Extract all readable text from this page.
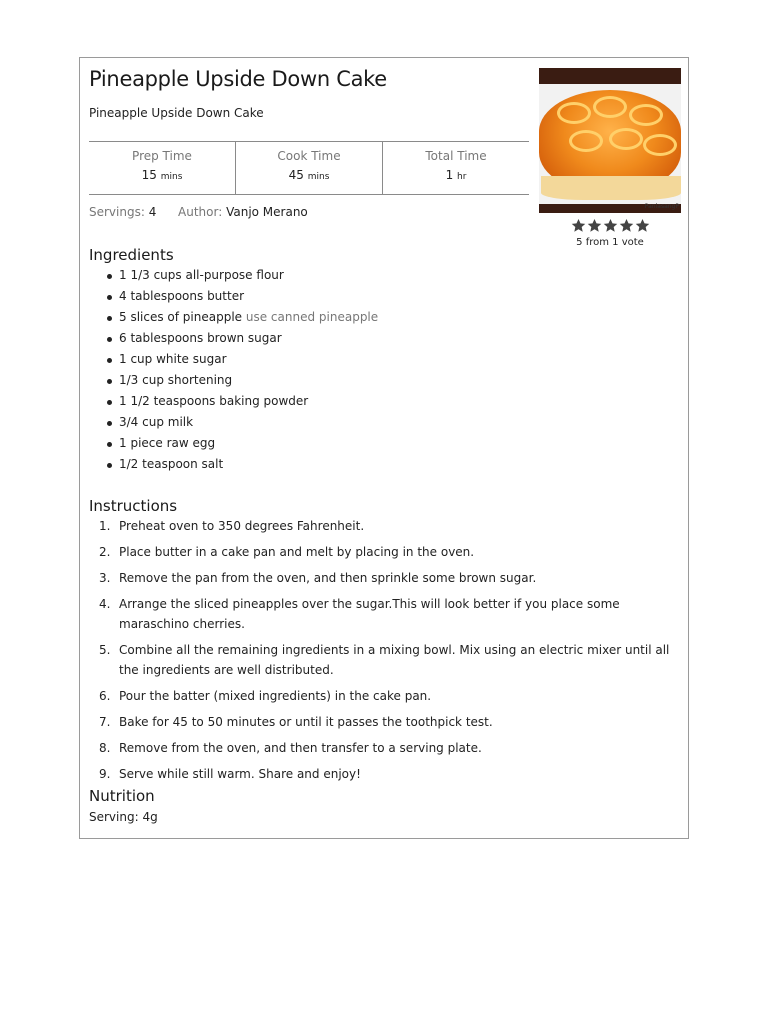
Pineapple Upside Down Cake
Pineapple Upside Down Cake
Prep Time
15 mins
Cook Time
45 mins
Total Time
1 hr
Servings: 4 Author: Vanjo Merano	PanlasangP
5 from 1 vote
Ingredients
1 1/3 cups all-purpose flour
4 tablespoons butter
5 slices of pineapple use canned pineapple
6 tablespoons brown sugar
1 cup white sugar
1/3 cup shortening
1 1/2 teaspoons baking powder
3/4 cup milk
1 piece raw egg
1/2 teaspoon salt
Instructions
1. Preheat oven to 350 degrees Fahrenheit.
2. Place butter in a cake pan and melt by placing in the oven.
3. Remove the pan from the oven, and then sprinkle some brown sugar.
4. Arrange the sliced pineapples over the sugar.This will look better if you place some maraschino cherries.
5. Combine all the remaining ingredients in a mixing bowl. Mix using an electric mixer until all the ingredients are well distributed.
6. Pour the batter (mixed ingredients) in the cake pan.
7. Bake for 45 to 50 minutes or until it passes the toothpick test.
8. Remove from the oven, and then transfer to a serving plate.
9. Serve while still warm. Share and enjoy!
Nutrition
Serving: 4g
